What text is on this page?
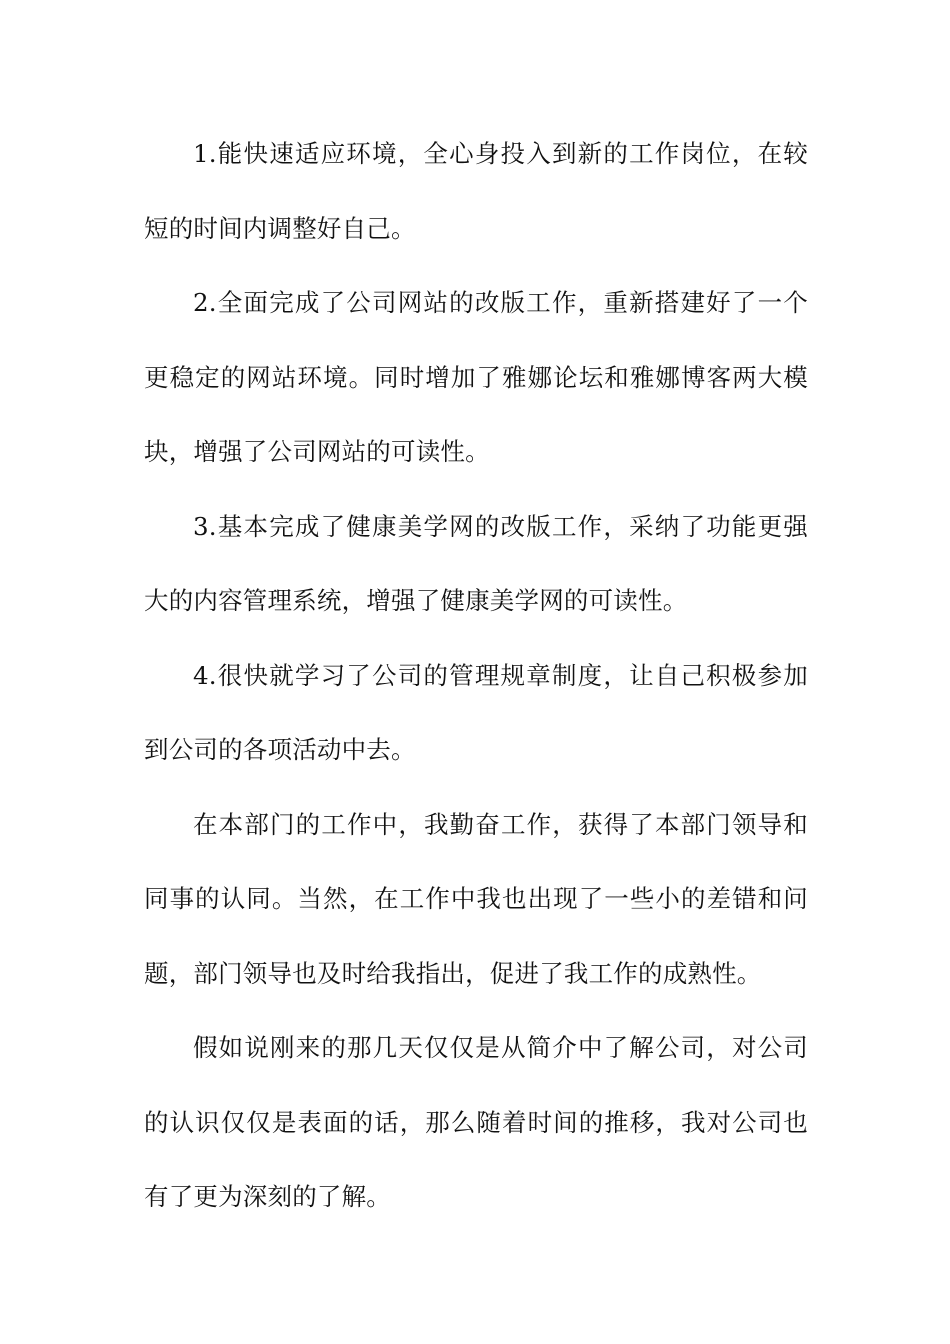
1.能快速适应环境，全心身投入到新的工作岗位，在较短的时间内调整好自己。

2.全面完成了公司网站的改版工作，重新搭建好了一个更稳定的网站环境。同时增加了雅娜论坛和雅娜博客两大模块，增强了公司网站的可读性。

3.基本完成了健康美学网的改版工作，采纳了功能更强大的内容管理系统，增强了健康美学网的可读性。

4.很快就学习了公司的管理规章制度，让自己积极参加到公司的各项活动中去。

在本部门的工作中，我勤奋工作，获得了本部门领导和同事的认同。当然，在工作中我也出现了一些小的差错和问题，部门领导也及时给我指出，促进了我工作的成熟性。

假如说刚来的那几天仅仅是从简介中了解公司，对公司的认识仅仅是表面的话，那么随着时间的推移，我对公司也有了更为深刻的了解。
